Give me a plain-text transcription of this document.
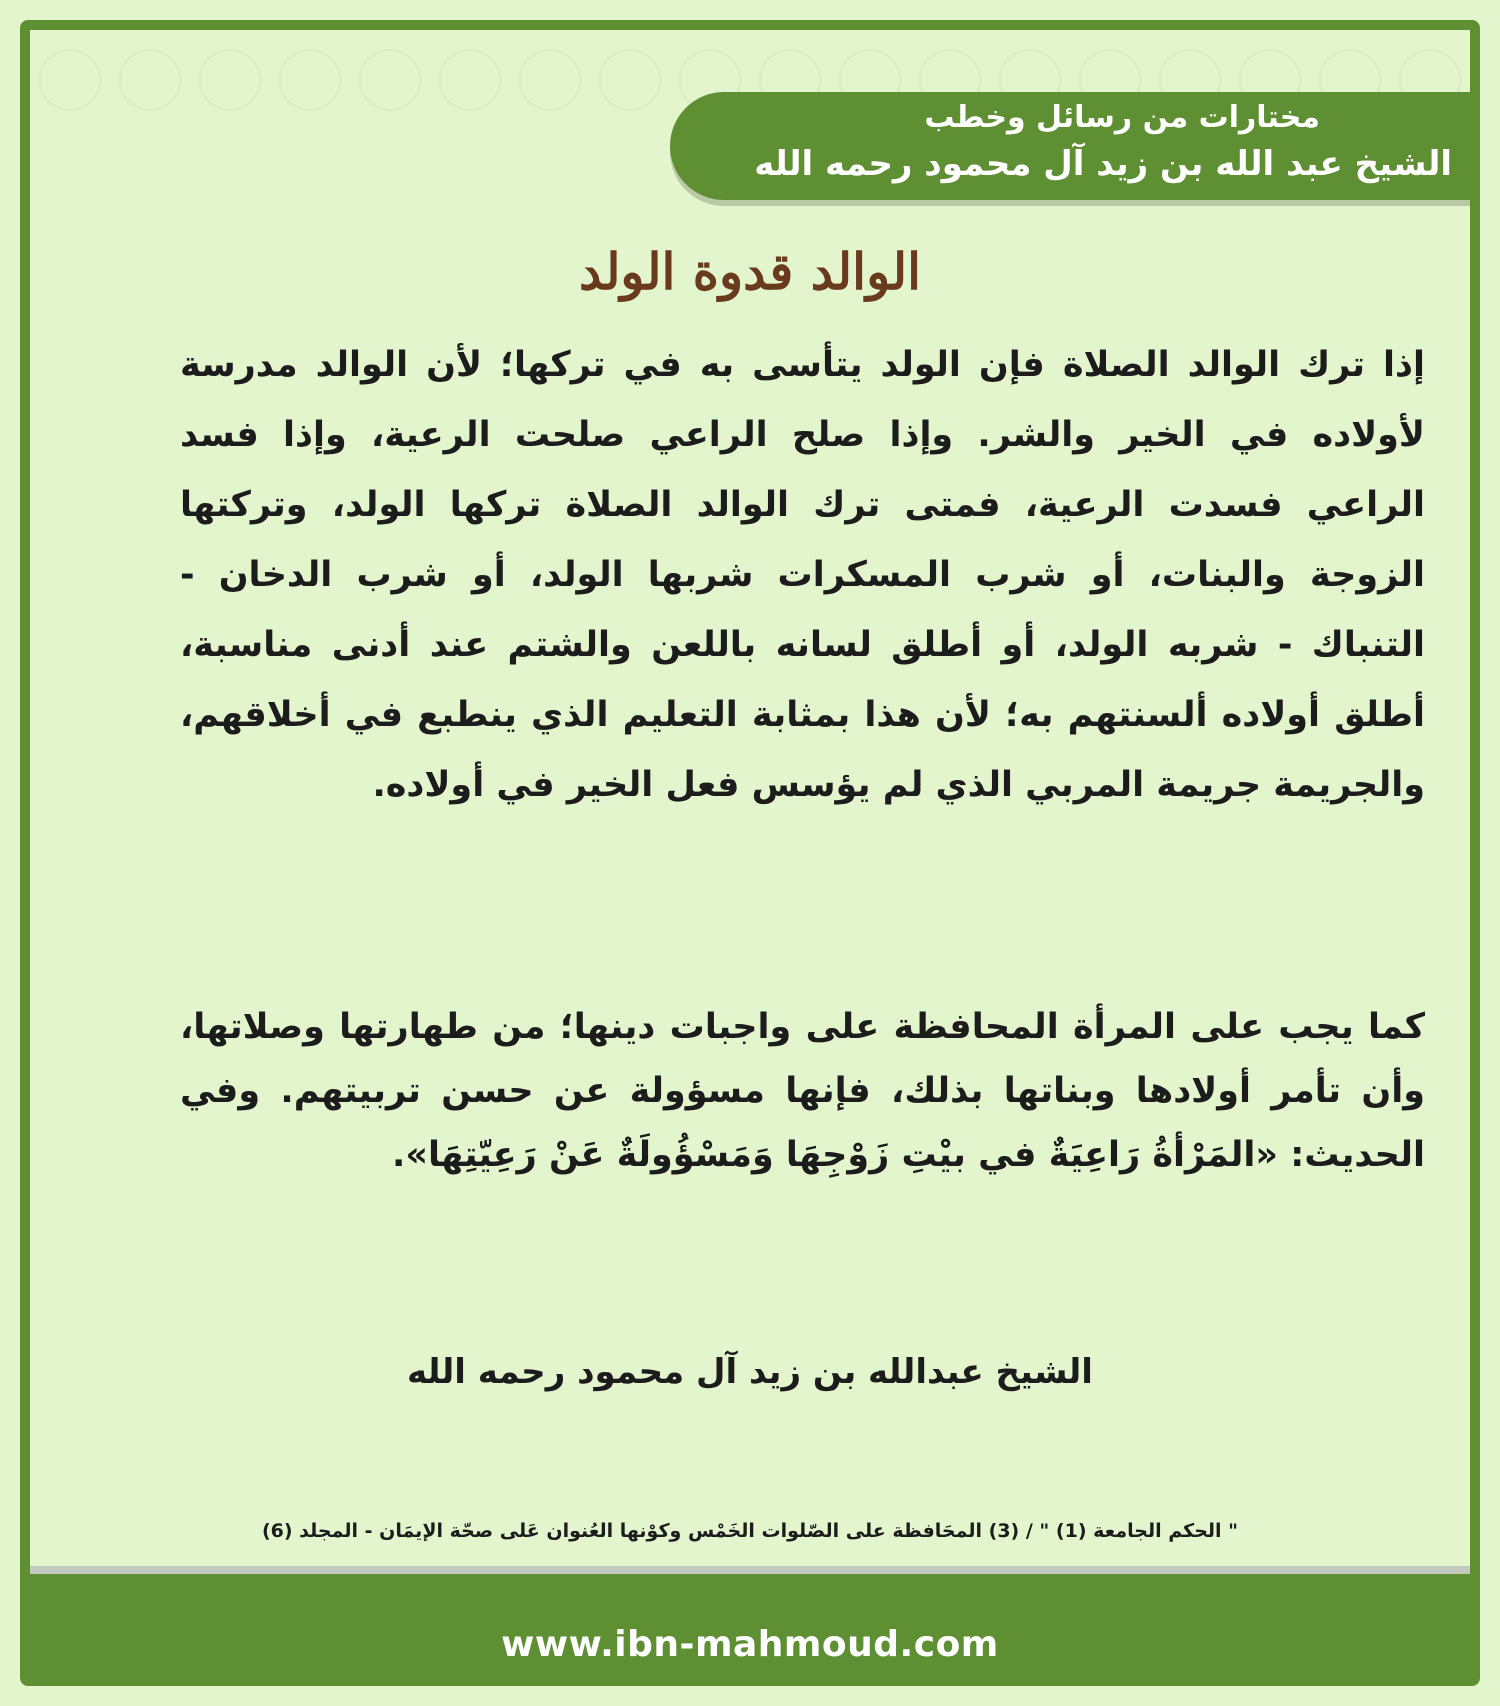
مختارات من رسائل وخطب
الشيخ عبد الله بن زيد آل محمود رحمه الله
الوالد قدوة الولد
إذا ترك الوالد الصلاة فإن الولد يتأسى به في تركها؛ لأن الوالد مدرسة لأولاده في الخير والشر. وإذا صلح الراعي صلحت الرعية، وإذا فسد الراعي فسدت الرعية، فمتى ترك الوالد الصلاة تركها الولد، وتركتها الزوجة والبنات، أو شرب المسكرات شربها الولد، أو شرب الدخان - التنباك - شربه الولد، أو أطلق لسانه باللعن والشتم عند أدنى مناسبة، أطلق أولاده ألسنتهم به؛ لأن هذا بمثابة التعليم الذي ينطبع في أخلاقهم، والجريمة جريمة المربي الذي لم يؤسس فعل الخير في أولاده.
كما يجب على المرأة المحافظة على واجبات دينها؛ من طهارتها وصلاتها، وأن تأمر أولادها وبناتها بذلك، فإنها مسؤولة عن حسن تربيتهم. وفي الحديث: «المَرْأةُ رَاعِيَةٌ في بيْتِ زَوْجِهَا وَمَسْؤُولَةٌ عَنْ رَعِيّتِهَا».
الشيخ عبدالله بن زيد آل محمود رحمه الله
" الحكم الجامعة (1) " / (3) المحَافظة على الصّلوات الخَمْس وكوْنها العُنوان عَلى صحّة الإيمَان - المجلد (6)
www.ibn-mahmoud.com
